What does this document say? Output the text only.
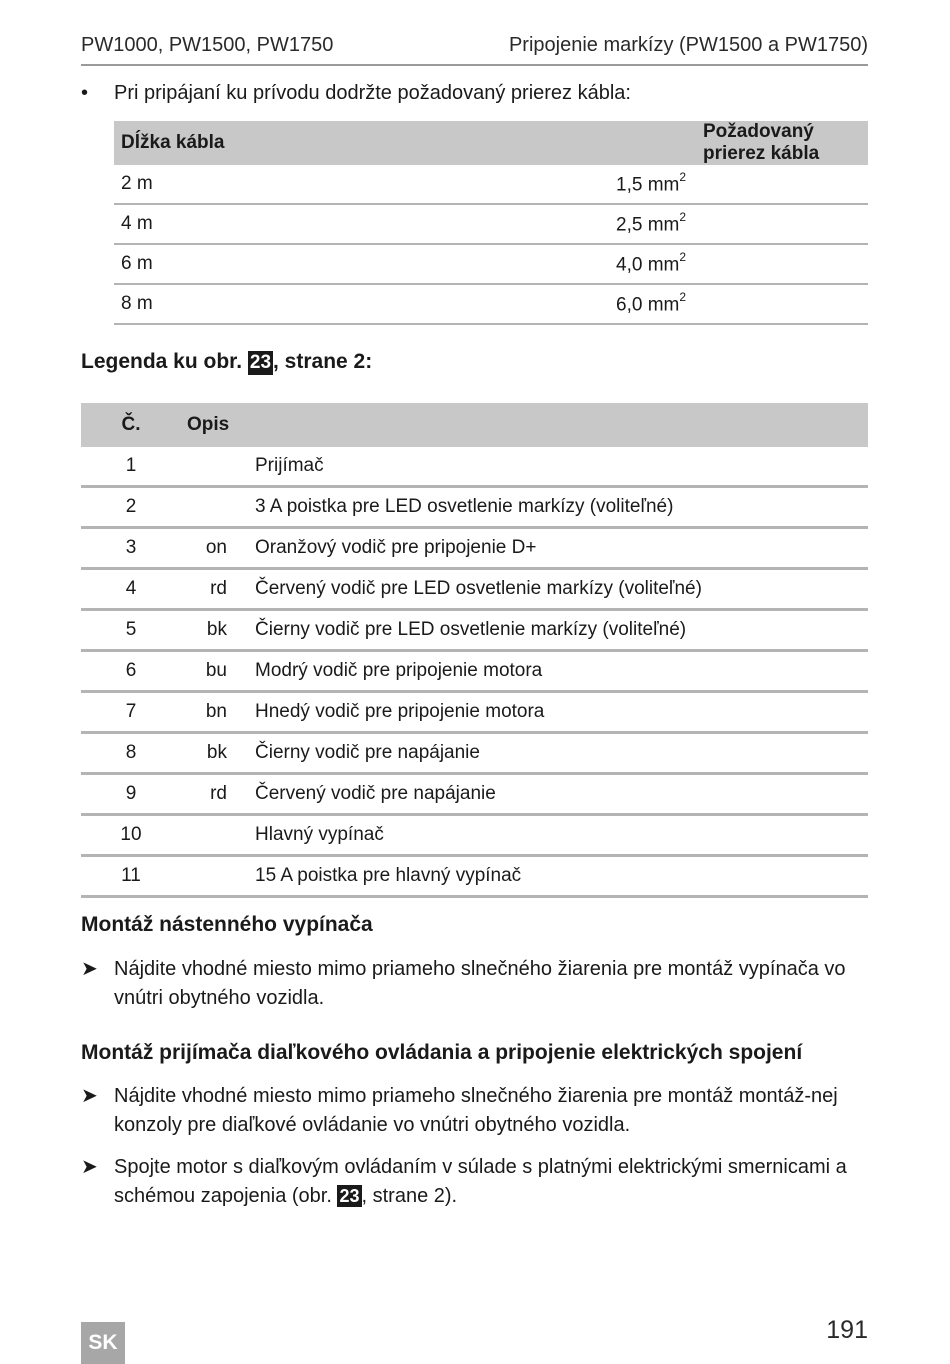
PW1000, PW1500, PW1750	Pripojenie markízy (PW1500 a PW1750)
• Pri pripájaní ku prívodu dodržte požadovaný prierez kábla:
Dĺžka kábla	Požadovaný prierez kábla
2 m	1,5 $mm^2$
4 m	2,5 $mm^2$
6 m	4,0 $mm^2$
8 m	6,0 $mm^2$
Legenda ku obr. 23, strane 2:
Č.	Opis	
1		Prijímač
2		3 A poistka pre LED osvetlenie markízy (voliteľné)
3	on	Oranžový vodič pre pripojenie D+
4	rd	Červený vodič pre LED osvetlenie markízy (voliteľné)
5	bk	Čierny vodič pre LED osvetlenie markízy (voliteľné)
6	bu	Modrý vodič pre pripojenie motora
7	bn	Hnedý vodič pre pripojenie motora
8	bk	Čierny vodič pre napájanie
9	rd	Červený vodič pre napájanie
10		Hlavný vypínač
11		15 A poistka pre hlavný vypínač
Montáž nástenného vypínača
➤ Nájdite vhodné miesto mimo priameho slnečného žiarenia pre montáž vypínača vo vnútri obytného vozidla.
Montáž prijímača diaľkového ovládania a pripojenie elektrických spojení
➤ Nájdite vhodné miesto mimo priameho slnečného žiarenia pre montáž montáž-nej konzoly pre diaľkové ovládanie vo vnútri obytného vozidla.
➤ Spojte motor s diaľkovým ovládaním v súlade s platnými elektrickými smernicami a schémou zapojenia (obr. 23 , strane 2).
SK	191
